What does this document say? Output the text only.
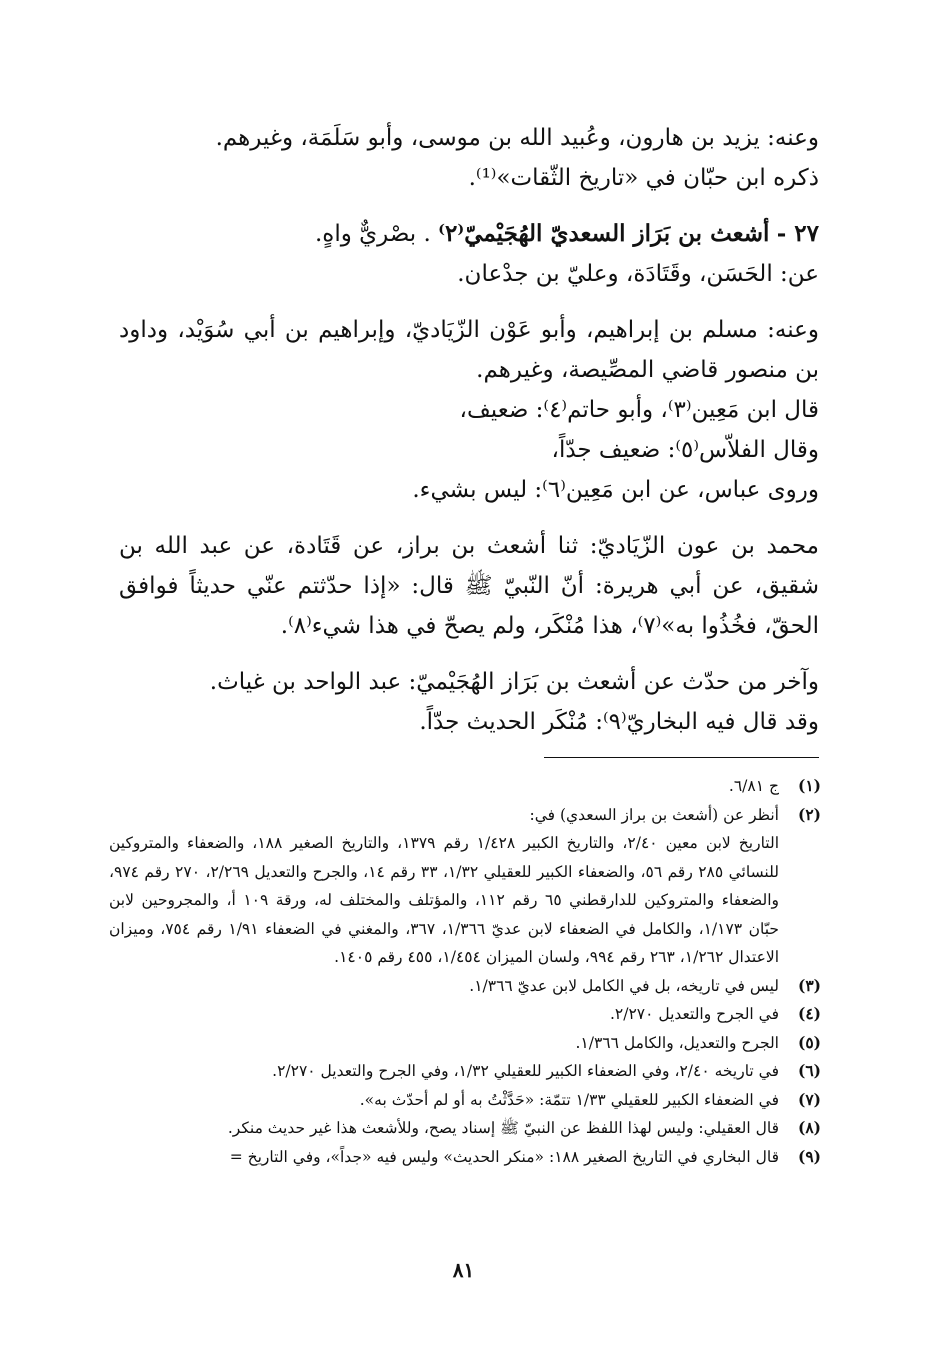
وعنه: يزيد بن هارون، وعُبيد الله بن موسى، وأبو سَلَمَة، وغيرهم.

ذكره ابن حبّان في «تاريخ الثّقات»⁽¹⁾.

٢٧ - أشعث بن بَرَاز السعديّ الهُجَيْميّ⁽٢⁾ . بصْريٌّ واهٍ.

عن: الحَسَن، وقَتَادَة، وعليّ بن جدْعان.

وعنه: مسلم بن إبراهيم، وأبو عَوْن الزّيَاديّ، وإبراهيم بن أبي سُوَيْد، وداود بن منصور قاضي المصِّيصة، وغيرهم.

قال ابن مَعِين⁽٣⁾، وأبو حاتم⁽٤⁾: ضعيف،

وقال الفلاّس⁽٥⁾: ضعيف جدّاً،

وروى عباس، عن ابن مَعِين⁽٦⁾: ليس بشيء.

محمد بن عون الزّيَاديّ: ثنا أشعث بن براز، عن قَتَادة، عن عبد الله بن شقيق، عن أبي هريرة: أنّ النّبيّ ﷺ قال: «إذا حدّثتم عنّي حديثاً فوافق الحقّ، فخُذُوا به»⁽٧⁾، هذا مُنْكَر، ولم يصحّ في هذا شيء⁽٨⁾.

وآخر من حدّث عن أشعث بن بَرَاز الهُجَيْميّ: عبد الواحد بن غياث.

وقد قال فيه البخاريّ⁽٩⁾: مُنْكَر الحديث جدّاً.

(١)
ج ٦/٨١.
(٢)
أنظر عن (أشعث بن براز السعدي) في:
التاريخ لابن معين ٢/٤٠، والتاريخ الكبير ١/٤٢٨ رقم ١٣٧٩، والتاريخ الصغير ١٨٨، والضعفاء والمتروكين للنسائي ٢٨٥ رقم ٥٦، والضعفاء الكبير للعقيلي ١/٣٢، ٣٣ رقم ١٤، والجرح والتعديل ٢/٢٦٩، ٢٧٠ رقم ٩٧٤، والضعفاء والمتروكين للدارقطني ٦٥ رقم ١١٢، والمؤتلف والمختلف له، ورقة ١٠٩ أ، والمجروحين لابن حبّان ١/١٧٣، والكامل في الضعفاء لابن عديّ ١/٣٦٦، ٣٦٧، والمغني في الضعفاء ١/٩١ رقم ٧٥٤، وميزان الاعتدال ١/٢٦٢، ٢٦٣ رقم ٩٩٤، ولسان الميزان ١/٤٥٤، ٤٥٥ رقم ١٤٠٥.
(٣)
ليس في تاريخه، بل في الكامل لابن عديّ ١/٣٦٦.
(٤)
في الجرح والتعديل ٢/٢٧٠.
(٥)
الجرح والتعديل، والكامل ١/٣٦٦.
(٦)
في تاريخه ٢/٤٠، وفي الضعفاء الكبير للعقيلي ١/٣٢، وفي الجرح والتعديل ٢/٢٧٠.
(٧)
في الضعفاء الكبير للعقيلي ١/٣٣ تتمّة: «حَدَّثْتُ به أو لم أحدّث به».
(٨)
قال العقيلي: وليس لهذا اللفظ عن النبيّ ﷺ إسناد يصح، وللأشعث هذا غير حديث منكر.
(٩)
قال البخاري في التاريخ الصغير ١٨٨: «منكر الحديث» وليس فيه «جداً»، وفي التاريخ =
٨١
